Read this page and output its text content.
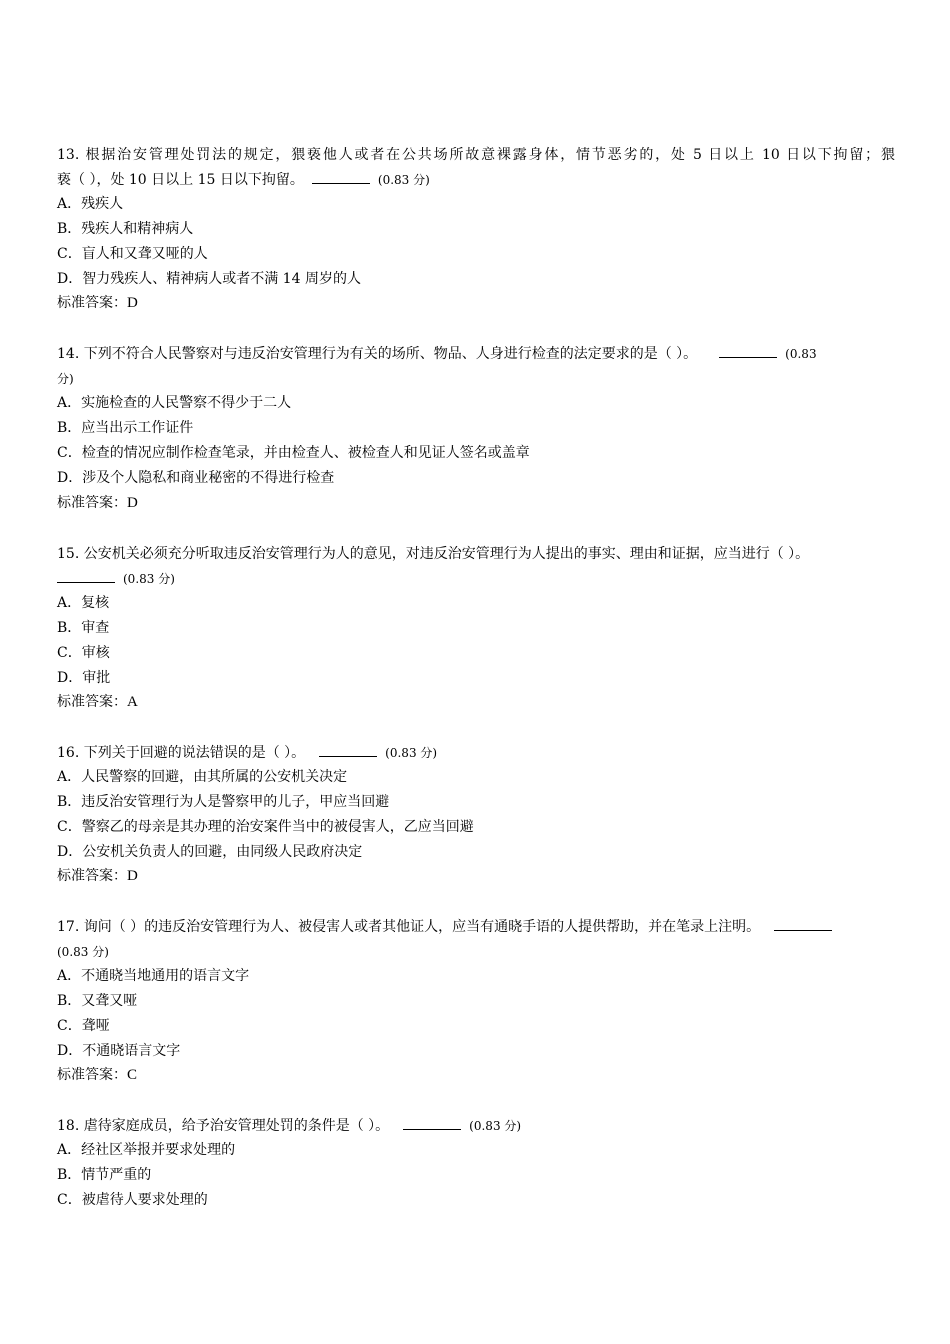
13. 根据治安管理处罚法的规定，猥亵他人或者在公共场所故意裸露身体，情节恶劣的，处 5 日以上 10 日以下拘留；猥
亵（ ），处 10 日以上 15 日以下拘留。	(0.83 分)
A．残疾人
B．残疾人和精神病人
C．盲人和又聋又哑的人
D．智力残疾人、精神病人或者不满 14 周岁的人
标准答案：D
14. 下列不符合人民警察对与违反治安管理行为有关的场所、物品、人身进行检查的法定要求的是（ ）。	(0.83
分)
A．实施检查的人民警察不得少于二人
B．应当出示工作证件
C．检查的情况应制作检查笔录，并由检查人、被检查人和见证人签名或盖章
D．涉及个人隐私和商业秘密的不得进行检查
标准答案：D
15. 公安机关必须充分听取违反治安管理行为人的意见，对违反治安管理行为人提出的事实、理由和证据，应当进行（ ）。
(0.83 分)
A．复核
B．审查
C．审核
D．审批
标准答案：A
16. 下列关于回避的说法错误的是（ ）。	(0.83 分)
A．人民警察的回避，由其所属的公安机关决定
B．违反治安管理行为人是警察甲的儿子，甲应当回避
C．警察乙的母亲是其办理的治安案件当中的被侵害人，乙应当回避
D．公安机关负责人的回避，由同级人民政府决定
标准答案：D
17. 询问（ ）的违反治安管理行为人、被侵害人或者其他证人，应当有通晓手语的人提供帮助，并在笔录上注明。
(0.83 分)
A．不通晓当地通用的语言文字
B．又聋又哑
C．聋哑
D．不通晓语言文字
标准答案：C
18. 虐待家庭成员，给予治安管理处罚的条件是（ ）。	(0.83 分)
A．经社区举报并要求处理的
B．情节严重的
C．被虐待人要求处理的
